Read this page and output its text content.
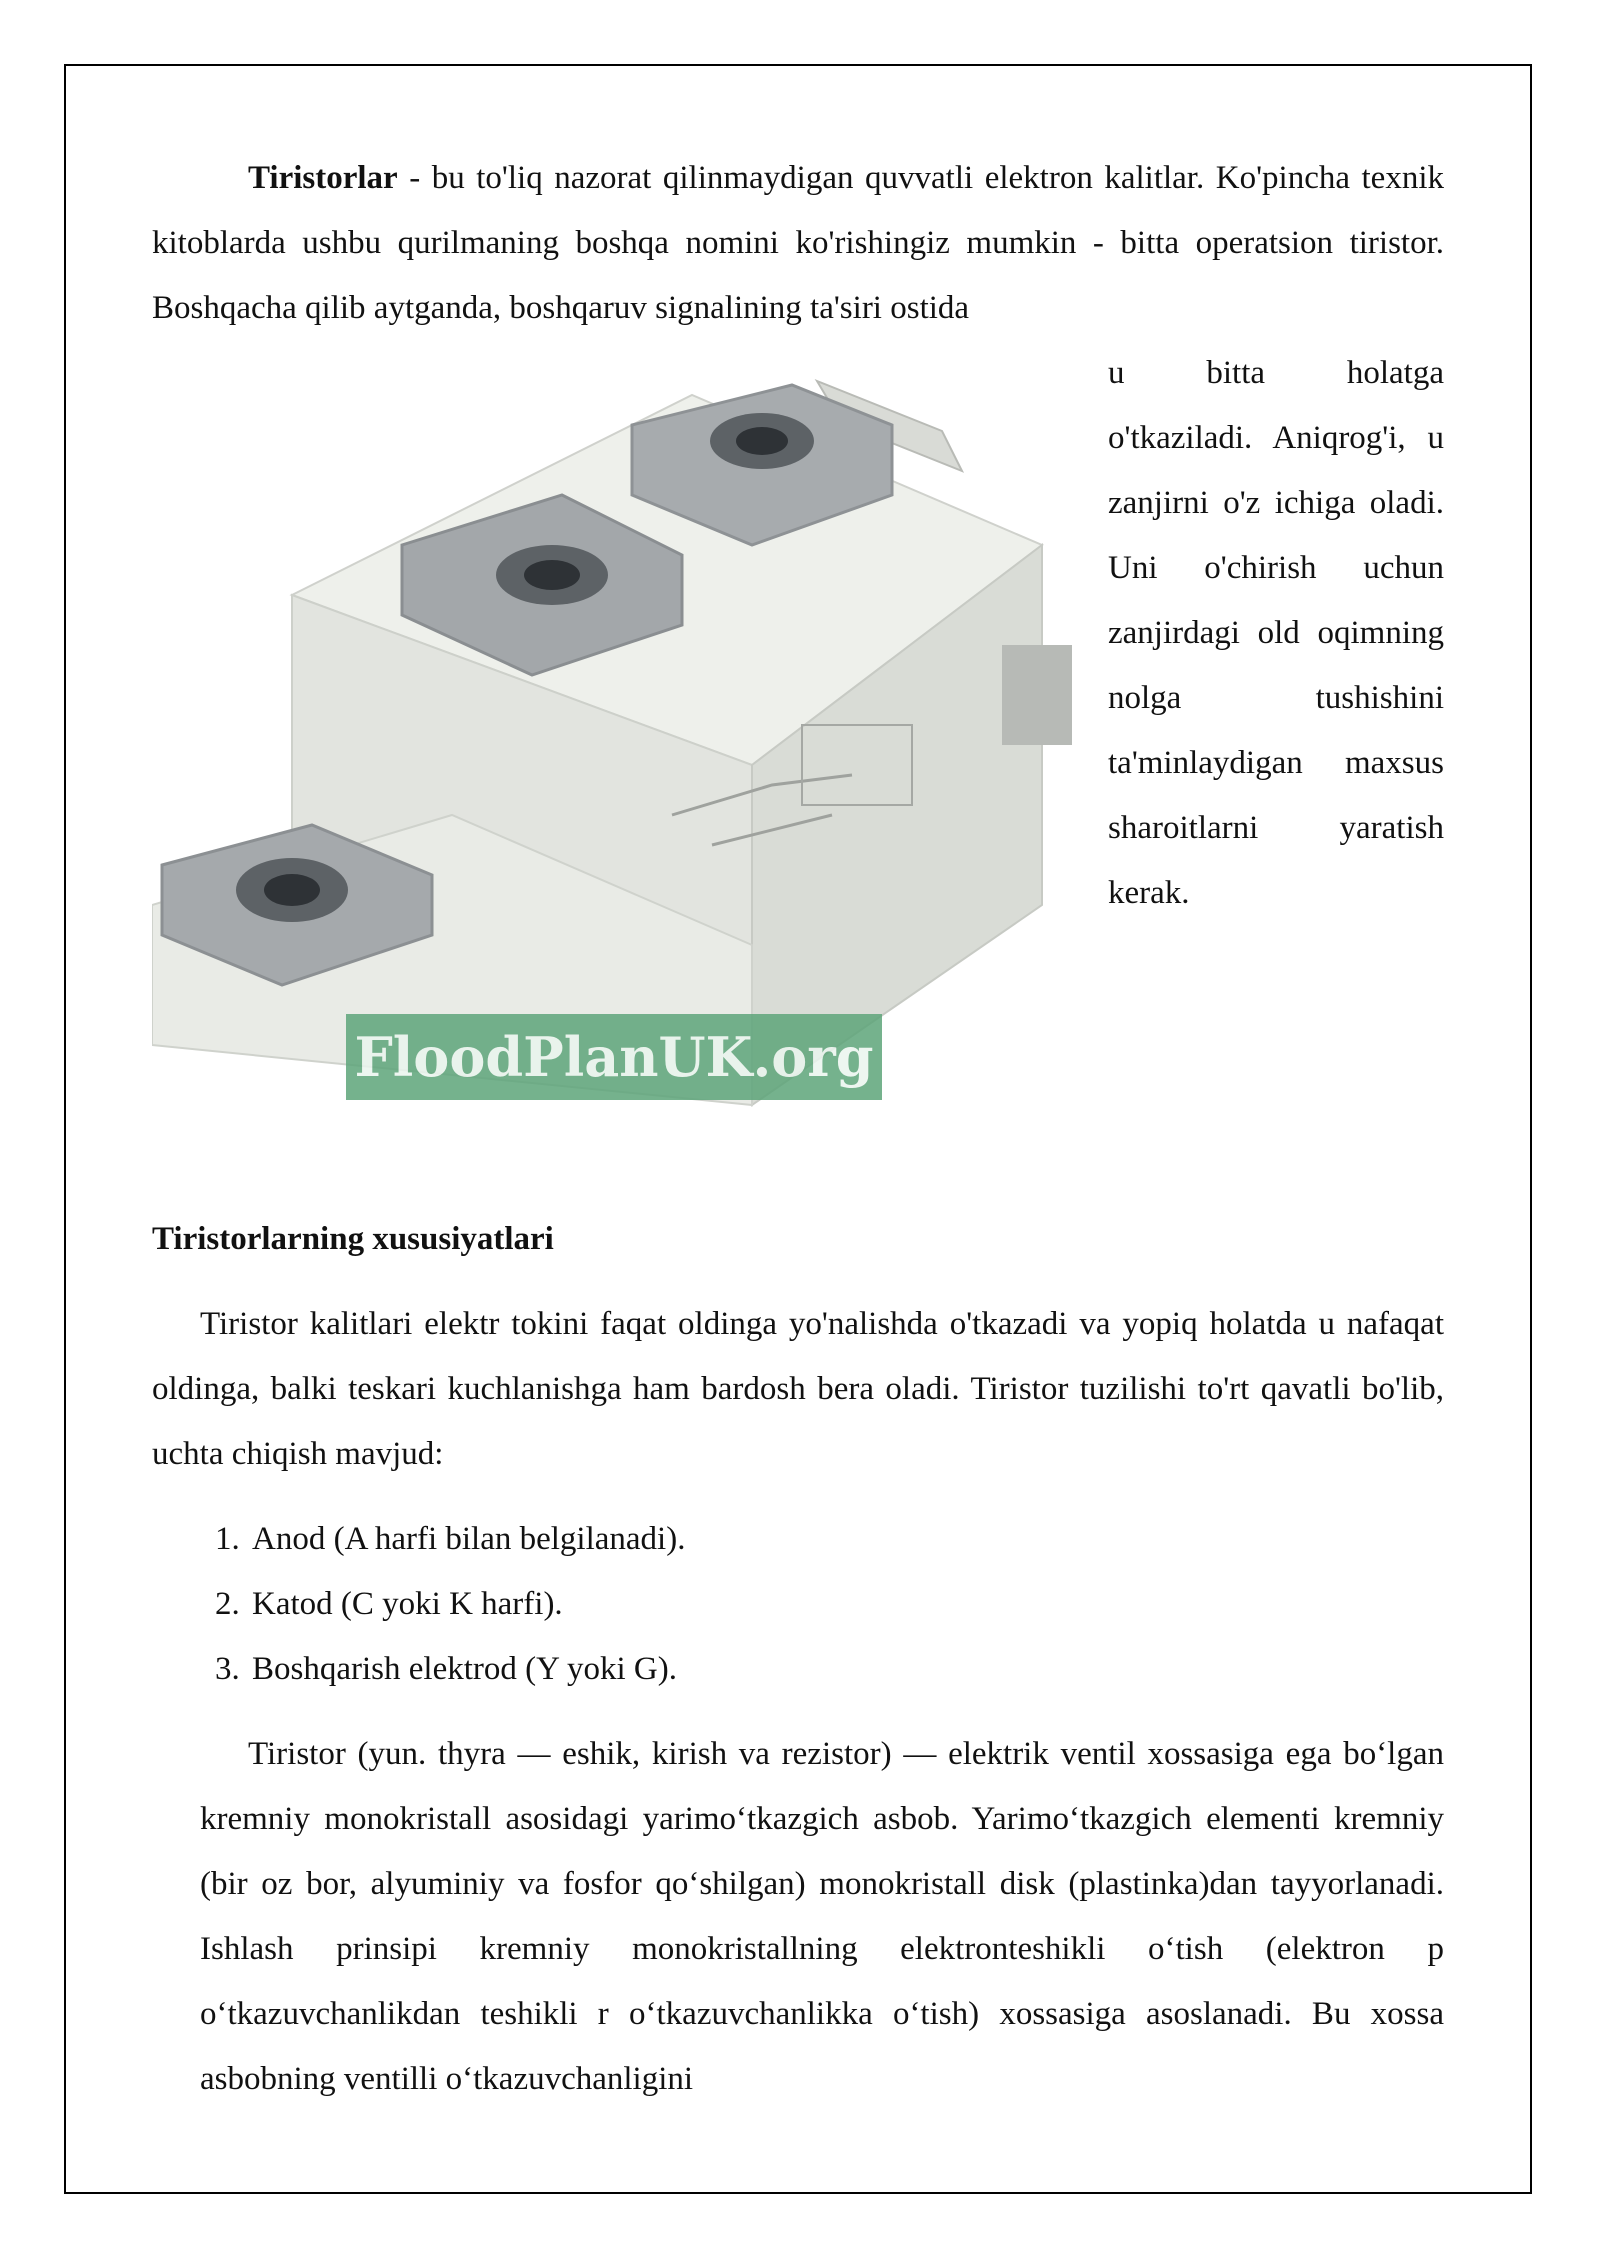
Tiristorlar - bu to'liq nazorat qilinmaydigan quvvatli elektron kalitlar. Ko'pincha texnik kitoblarda ushbu qurilmaning boshqa nomini ko'rishingiz mumkin - bitta operatsion tiristor. Boshqacha qilib aytganda, boshqaruv signalining ta'siri ostida

FloodPlanUK.org

u bitta holatga o'tkaziladi. Aniqrog'i, u zanjirni o'z ichiga oladi. Uni o'chirish uchun zanjirdagi old oqimning nolga tushishini ta'minlaydigan maxsus sharoitlarni yaratish kerak.

Tiristorlarning xususiyatlari

Tiristor kalitlari elektr tokini faqat oldinga yo'nalishda o'tkazadi va yopiq holatda u nafaqat oldinga, balki teskari kuchlanishga ham bardosh bera oladi. Tiristor tuzilishi to'rt qavatli bo'lib, uchta chiqish mavjud:

1. Anod (A harfi bilan belgilanadi).
2. Katod (C yoki K harfi).
3. Boshqarish elektrod (Y yoki G).

Tiristor (yun. thyra — eshik, kirish va rezistor) — elektrik ventil xossasiga ega bo‘lgan kremniy monokristall asosidagi yarimo‘tkazgich asbob. Yarimo‘tkazgich elementi kremniy (bir oz bor, alyuminiy va fosfor qo‘shilgan) monokristall disk (plastinka)dan tayyorlanadi. Ishlash prinsipi kremniy monokristallning elektronteshikli o‘tish (elektron p o‘tkazuvchanlikdan teshikli r o‘tkazuvchanlikka o‘tish) xossasiga asoslanadi. Bu xossa asbobning ventilli o‘tkazuvchanligini
